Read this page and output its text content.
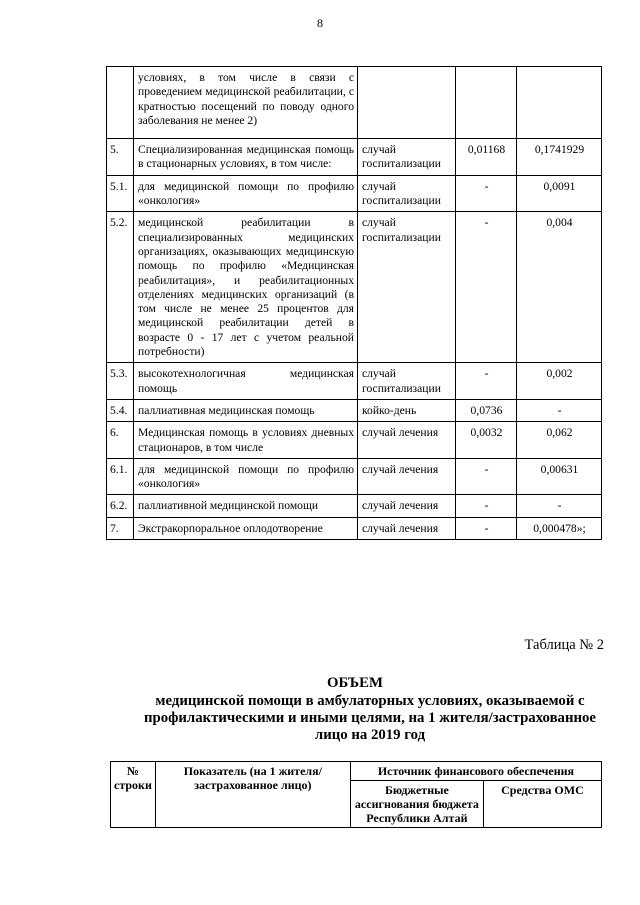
8
	условиях, в том числе в связи с проведением медицинской реабилитации, с кратностью посещений по поводу одного заболевания не менее 2)			
5.	Специализированная медицинская помощь в стационарных условиях, в том числе:	случай госпитализации	0,01168	0,1741929
5.1.	для медицинской помощи по профилю «онкология»	случай госпитализации	-	0,0091
5.2.	медицинской реабилитации в специализированных медицинских организациях, оказывающих медицинскую помощь по профилю «Медицинская реабилитация», и реабилитационных отделениях медицинских организаций (в том числе не менее 25 процентов для медицинской реабилитации детей в возрасте 0 - 17 лет с учетом реальной потребности)	случай госпитализации	-	0,004
5.3.	высокотехнологичная медицинская помощь	случай госпитализации	-	0,002
5.4.	паллиативная медицинская помощь	койко-день	0,0736	-
6.	Медицинская помощь в условиях дневных стационаров, в том числе	случай лечения	0,0032	0,062
6.1.	для медицинской помощи по профилю «онкология»	случай лечения	-	0,00631
6.2.	паллиативной медицинской помощи	случай лечения	-	-
7.	Экстракорпоральное оплодотворение	случай лечения	-	0,000478»;
Таблица № 2
ОБЪЕМ
медицинской помощи в амбулаторных условиях, оказываемой с профилактическими и иными целями, на 1 жителя/застрахованное лицо на 2019 год
№ строки	Показатель (на 1 жителя/застрахованное лицо)	Источник финансового обеспечения	
		Бюджетные ассигнования бюджета Республики Алтай	Средства ОМС
